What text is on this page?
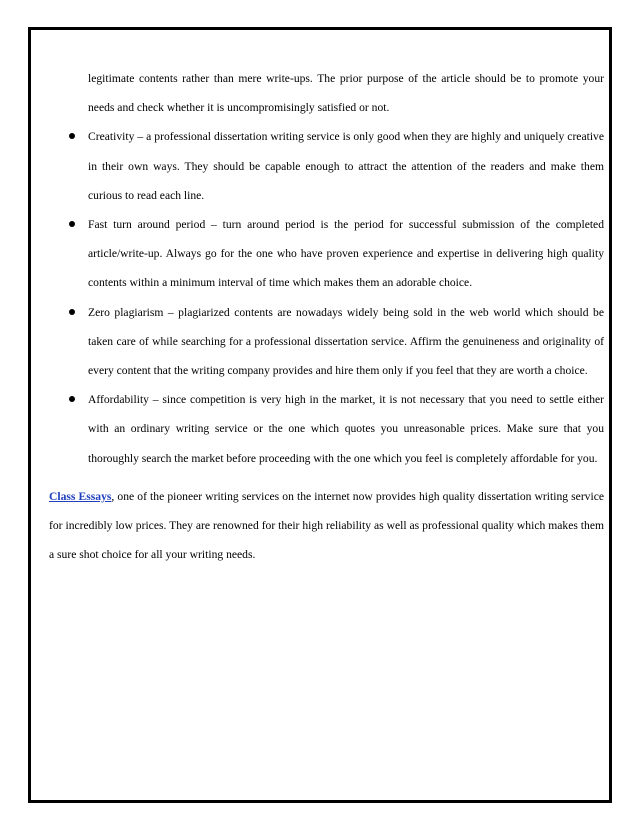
legitimate contents rather than mere write-ups. The prior purpose of the article should be to promote your needs and check whether it is uncompromisingly satisfied or not.

Creativity – a professional dissertation writing service is only good when they are highly and uniquely creative in their own ways. They should be capable enough to attract the attention of the readers and make them curious to read each line.
Fast turn around period – turn around period is the period for successful submission of the completed article/write-up. Always go for the one who have proven experience and expertise in delivering high quality contents within a minimum interval of time which makes them an adorable choice.
Zero plagiarism – plagiarized contents are nowadays widely being sold in the web world which should be taken care of while searching for a professional dissertation service. Affirm the genuineness and originality of every content that the writing company provides and hire them only if you feel that they are worth a choice.
Affordability – since competition is very high in the market, it is not necessary that you need to settle either with an ordinary writing service or the one which quotes you unreasonable prices. Make sure that you thoroughly search the market before proceeding with the one which you feel is completely affordable for you.

Class Essays, one of the pioneer writing services on the internet now provides high quality dissertation writing service for incredibly low prices. They are renowned for their high reliability as well as professional quality which makes them a sure shot choice for all your writing needs.
